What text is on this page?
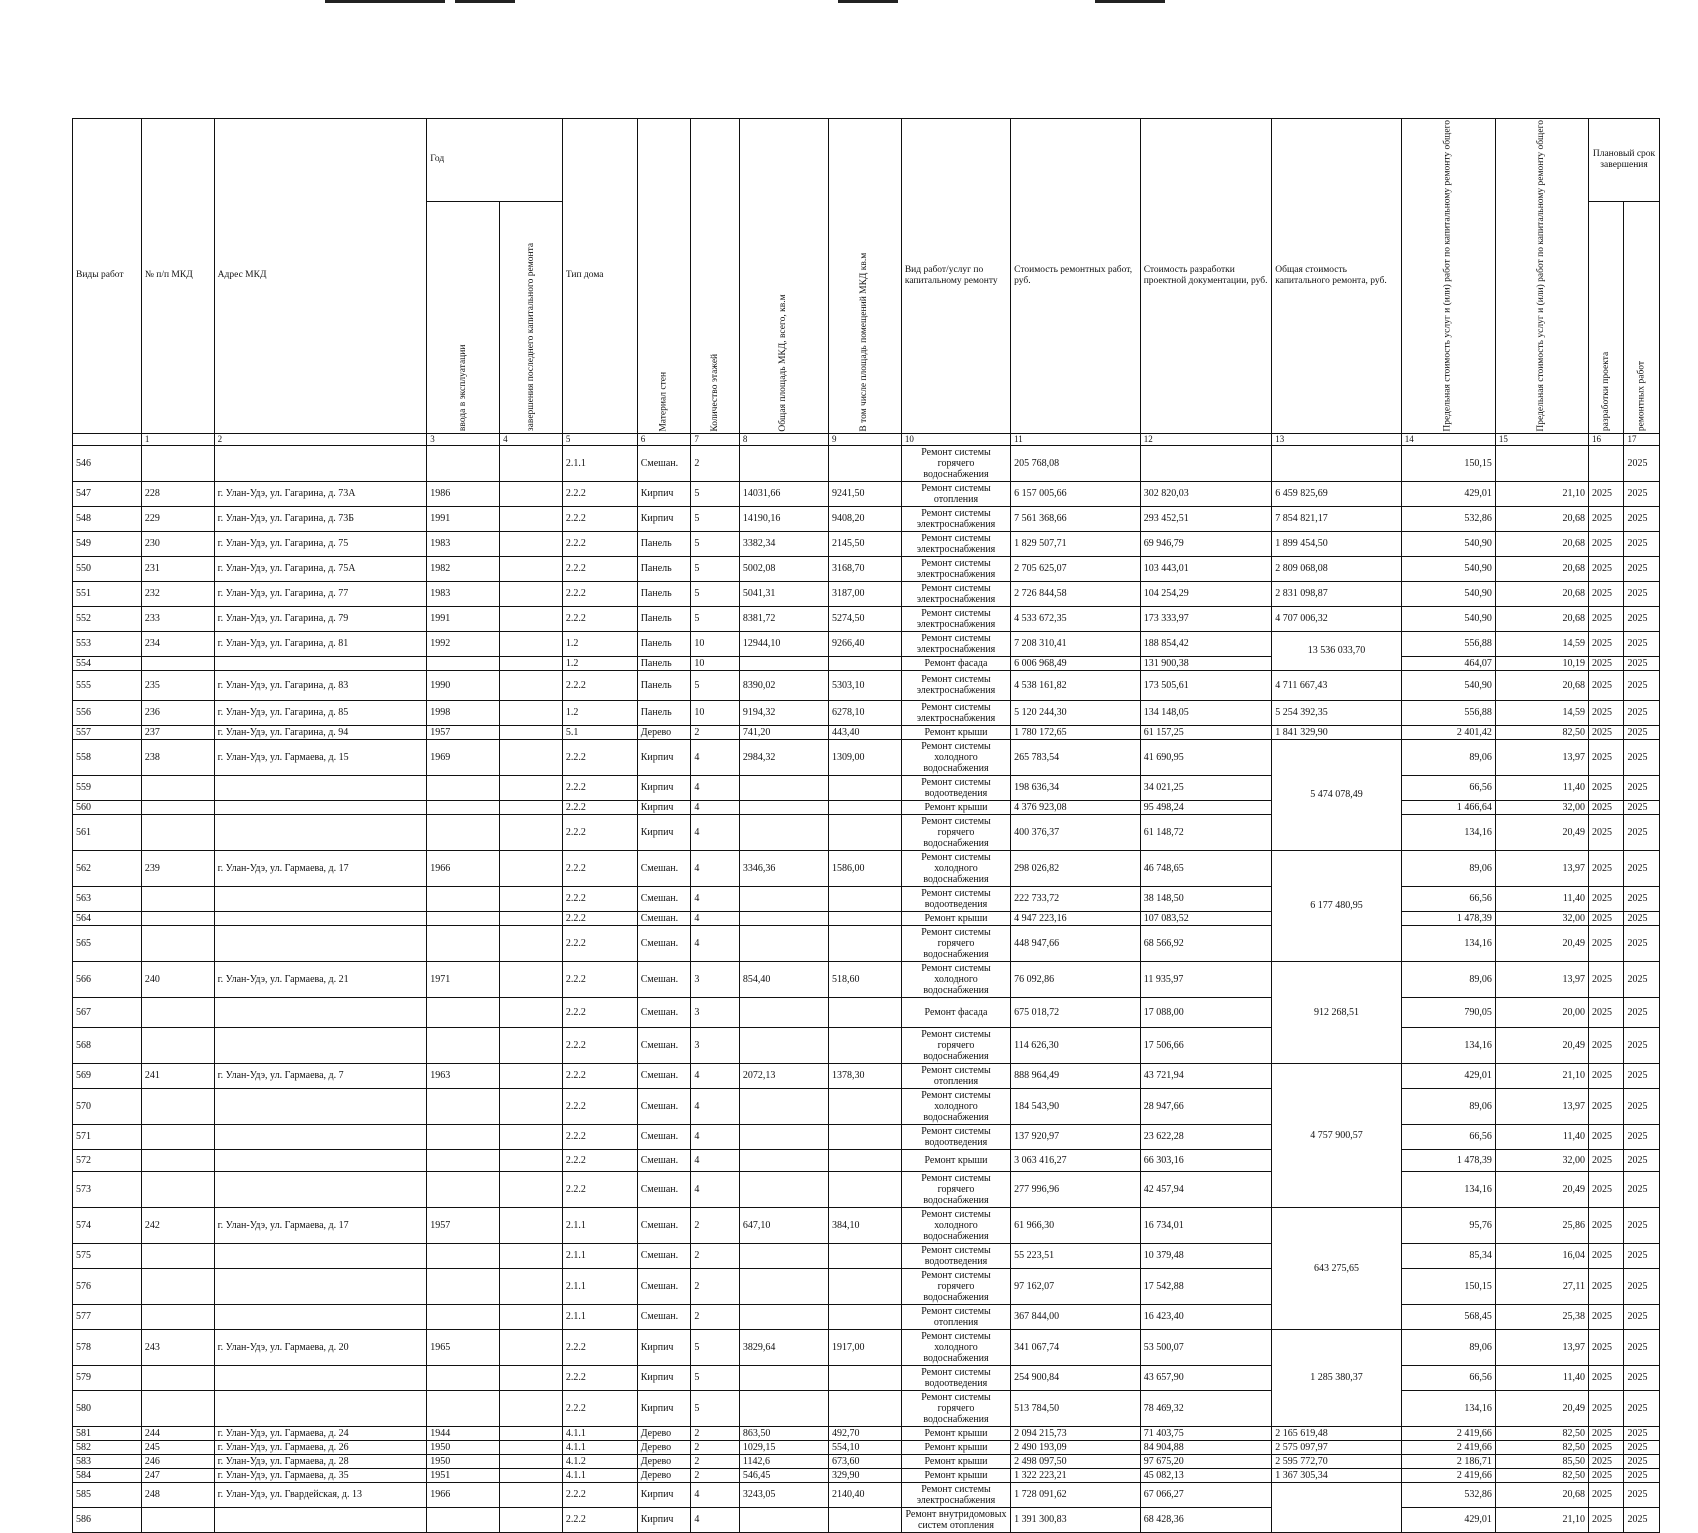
Виды работ	№ п/п МКД	Адрес МКД	Год		Тип дома	Материал стен	Количество этажей	Общая площадь МКД, всего, кв.м	В том числе площадь помещений МКД кв.м	Вид работ/услуг по капитальному ремонту	Стоимость ремонтных работ, руб.	Стоимость разработки проектной документации, руб.	Общая стоимость капитального ремонта, руб.	Предельная стоимость услуг и (или) работ по капитальному ремонту общего	Предельная стоимость услуг и (или) работ по капитальному ремонту общего	Плановый срок завершения	
			ввода в эксплуатации	завершения последнего капитального ремонта												разработки проекта	ремонтных работ
	1	2	3	4	5	6	7	8	9	10	11	12	13	14	15	16	17
546					2.1.1	Смешан.	2			Ремонт системы горячего водоснабжения	205 768,08			150,15			2025
547	228	г. Улан-Удэ, ул. Гагарина, д. 73А	1986		2.2.2	Кирпич	5	14031,66	9241,50	Ремонт системы отопления	6 157 005,66	302 820,03	6 459 825,69	429,01	21,10	2025	2025
548	229	г. Улан-Удэ, ул. Гагарина, д. 73Б	1991		2.2.2	Кирпич	5	14190,16	9408,20	Ремонт системы электроснабжения	7 561 368,66	293 452,51	7 854 821,17	532,86	20,68	2025	2025
549	230	г. Улан-Удэ, ул. Гагарина, д. 75	1983		2.2.2	Панель	5	3382,34	2145,50	Ремонт системы электроснабжения	1 829 507,71	69 946,79	1 899 454,50	540,90	20,68	2025	2025
550	231	г. Улан-Удэ, ул. Гагарина, д. 75А	1982		2.2.2	Панель	5	5002,08	3168,70	Ремонт системы электроснабжения	2 705 625,07	103 443,01	2 809 068,08	540,90	20,68	2025	2025
551	232	г. Улан-Удэ, ул. Гагарина, д. 77	1983		2.2.2	Панель	5	5041,31	3187,00	Ремонт системы электроснабжения	2 726 844,58	104 254,29	2 831 098,87	540,90	20,68	2025	2025
552	233	г. Улан-Удэ, ул. Гагарина, д. 79	1991		2.2.2	Панель	5	8381,72	5274,50	Ремонт системы электроснабжения	4 533 672,35	173 333,97	4 707 006,32	540,90	20,68	2025	2025
553	234	г. Улан-Удэ, ул. Гагарина, д. 81	1992		1.2	Панель	10	12944,10	9266,40	Ремонт системы электроснабжения	7 208 310,41	188 854,42	13 536 033,70	556,88	14,59	2025	2025
554					1.2	Панель	10			Ремонт фасада	6 006 968,49	131 900,38		464,07	10,19	2025	2025
555	235	г. Улан-Удэ, ул. Гагарина, д. 83	1990		2.2.2	Панель	5	8390,02	5303,10	Ремонт системы электроснабжения	4 538 161,82	173 505,61	4 711 667,43	540,90	20,68	2025	2025
556	236	г. Улан-Удэ, ул. Гагарина, д. 85	1998		1.2	Панель	10	9194,32	6278,10	Ремонт системы электроснабжения	5 120 244,30	134 148,05	5 254 392,35	556,88	14,59	2025	2025
557	237	г. Улан-Удэ, ул. Гагарина, д. 94	1957		5.1	Дерево	2	741,20	443,40	Ремонт крыши	1 780 172,65	61 157,25	1 841 329,90	2 401,42	82,50	2025	2025
558	238	г. Улан-Удэ, ул. Гармаева, д. 15	1969		2.2.2	Кирпич	4	2984,32	1309,00	Ремонт системы холодного водоснабжения	265 783,54	41 690,95	5 474 078,49	89,06	13,97	2025	2025
559					2.2.2	Кирпич	4			Ремонт системы водоотведения	198 636,34	34 021,25		66,56	11,40	2025	2025
560					2.2.2	Кирпич	4			Ремонт крыши	4 376 923,08	95 498,24		1 466,64	32,00	2025	2025
561					2.2.2	Кирпич	4			Ремонт системы горячего водоснабжения	400 376,37	61 148,72		134,16	20,49	2025	2025
562	239	г. Улан-Удэ, ул. Гармаева, д. 17	1966		2.2.2	Смешан.	4	3346,36	1586,00	Ремонт системы холодного водоснабжения	298 026,82	46 748,65	6 177 480,95	89,06	13,97	2025	2025
563					2.2.2	Смешан.	4			Ремонт системы водоотведения	222 733,72	38 148,50		66,56	11,40	2025	2025
564					2.2.2	Смешан.	4			Ремонт крыши	4 947 223,16	107 083,52		1 478,39	32,00	2025	2025
565					2.2.2	Смешан.	4			Ремонт системы горячего водоснабжения	448 947,66	68 566,92		134,16	20,49	2025	2025
566	240	г. Улан-Удэ, ул. Гармаева, д. 21	1971		2.2.2	Смешан.	3	854,40	518,60	Ремонт системы холодного водоснабжения	76 092,86	11 935,97	912 268,51	89,06	13,97	2025	2025
567					2.2.2	Смешан.	3			Ремонт фасада	675 018,72	17 088,00		790,05	20,00	2025	2025
568					2.2.2	Смешан.	3			Ремонт системы горячего водоснабжения	114 626,30	17 506,66		134,16	20,49	2025	2025
569	241	г. Улан-Удэ, ул. Гармаева, д. 7	1963		2.2.2	Смешан.	4	2072,13	1378,30	Ремонт системы отопления	888 964,49	43 721,94	4 757 900,57	429,01	21,10	2025	2025
570					2.2.2	Смешан.	4			Ремонт системы холодного водоснабжения	184 543,90	28 947,66		89,06	13,97	2025	2025
571					2.2.2	Смешан.	4			Ремонт системы водоотведения	137 920,97	23 622,28		66,56	11,40	2025	2025
572					2.2.2	Смешан.	4			Ремонт крыши	3 063 416,27	66 303,16		1 478,39	32,00	2025	2025
573					2.2.2	Смешан.	4			Ремонт системы горячего водоснабжения	277 996,96	42 457,94		134,16	20,49	2025	2025
574	242	г. Улан-Удэ, ул. Гармаева, д. 17	1957		2.1.1	Смешан.	2	647,10	384,10	Ремонт системы холодного водоснабжения	61 966,30	16 734,01	643 275,65	95,76	25,86	2025	2025
575					2.1.1	Смешан.	2			Ремонт системы водоотведения	55 223,51	10 379,48		85,34	16,04	2025	2025
576					2.1.1	Смешан.	2			Ремонт системы горячего водоснабжения	97 162,07	17 542,88		150,15	27,11	2025	2025
577					2.1.1	Смешан.	2			Ремонт системы отопления	367 844,00	16 423,40		568,45	25,38	2025	2025
578	243	г. Улан-Удэ, ул. Гармаева, д. 20	1965		2.2.2	Кирпич	5	3829,64	1917,00	Ремонт системы холодного водоснабжения	341 067,74	53 500,07	1 285 380,37	89,06	13,97	2025	2025
579					2.2.2	Кирпич	5			Ремонт системы водоотведения	254 900,84	43 657,90		66,56	11,40	2025	2025
580					2.2.2	Кирпич	5			Ремонт системы горячего водоснабжения	513 784,50	78 469,32		134,16	20,49	2025	2025
581	244	г. Улан-Удэ, ул. Гармаева, д. 24	1944		4.1.1	Дерево	2	863,50	492,70	Ремонт крыши	2 094 215,73	71 403,75	2 165 619,48	2 419,66	82,50	2025	2025
582	245	г. Улан-Удэ, ул. Гармаева, д. 26	1950		4.1.1	Дерево	2	1029,15	554,10	Ремонт крыши	2 490 193,09	84 904,88	2 575 097,97	2 419,66	82,50	2025	2025
583	246	г. Улан-Удэ, ул. Гармаева, д. 28	1950		4.1.2	Дерево	2	1142,6	673,60	Ремонт крыши	2 498 097,50	97 675,20	2 595 772,70	2 186,71	85,50	2025	2025
584	247	г. Улан-Удэ, ул. Гармаева, д. 35	1951		4.1.1	Дерево	2	546,45	329,90	Ремонт крыши	1 322 223,21	45 082,13	1 367 305,34	2 419,66	82,50	2025	2025
585	248	г. Улан-Удэ, ул. Гвардейская, д. 13	1966		2.2.2	Кирпич	4	3243,05	2140,40	Ремонт системы электроснабжения	1 728 091,62	67 066,27		532,86	20,68	2025	2025
586					2.2.2	Кирпич	4			Ремонт внутридомовых систем отопления	1 391 300,83	68 428,36		429,01	21,10	2025	2025
